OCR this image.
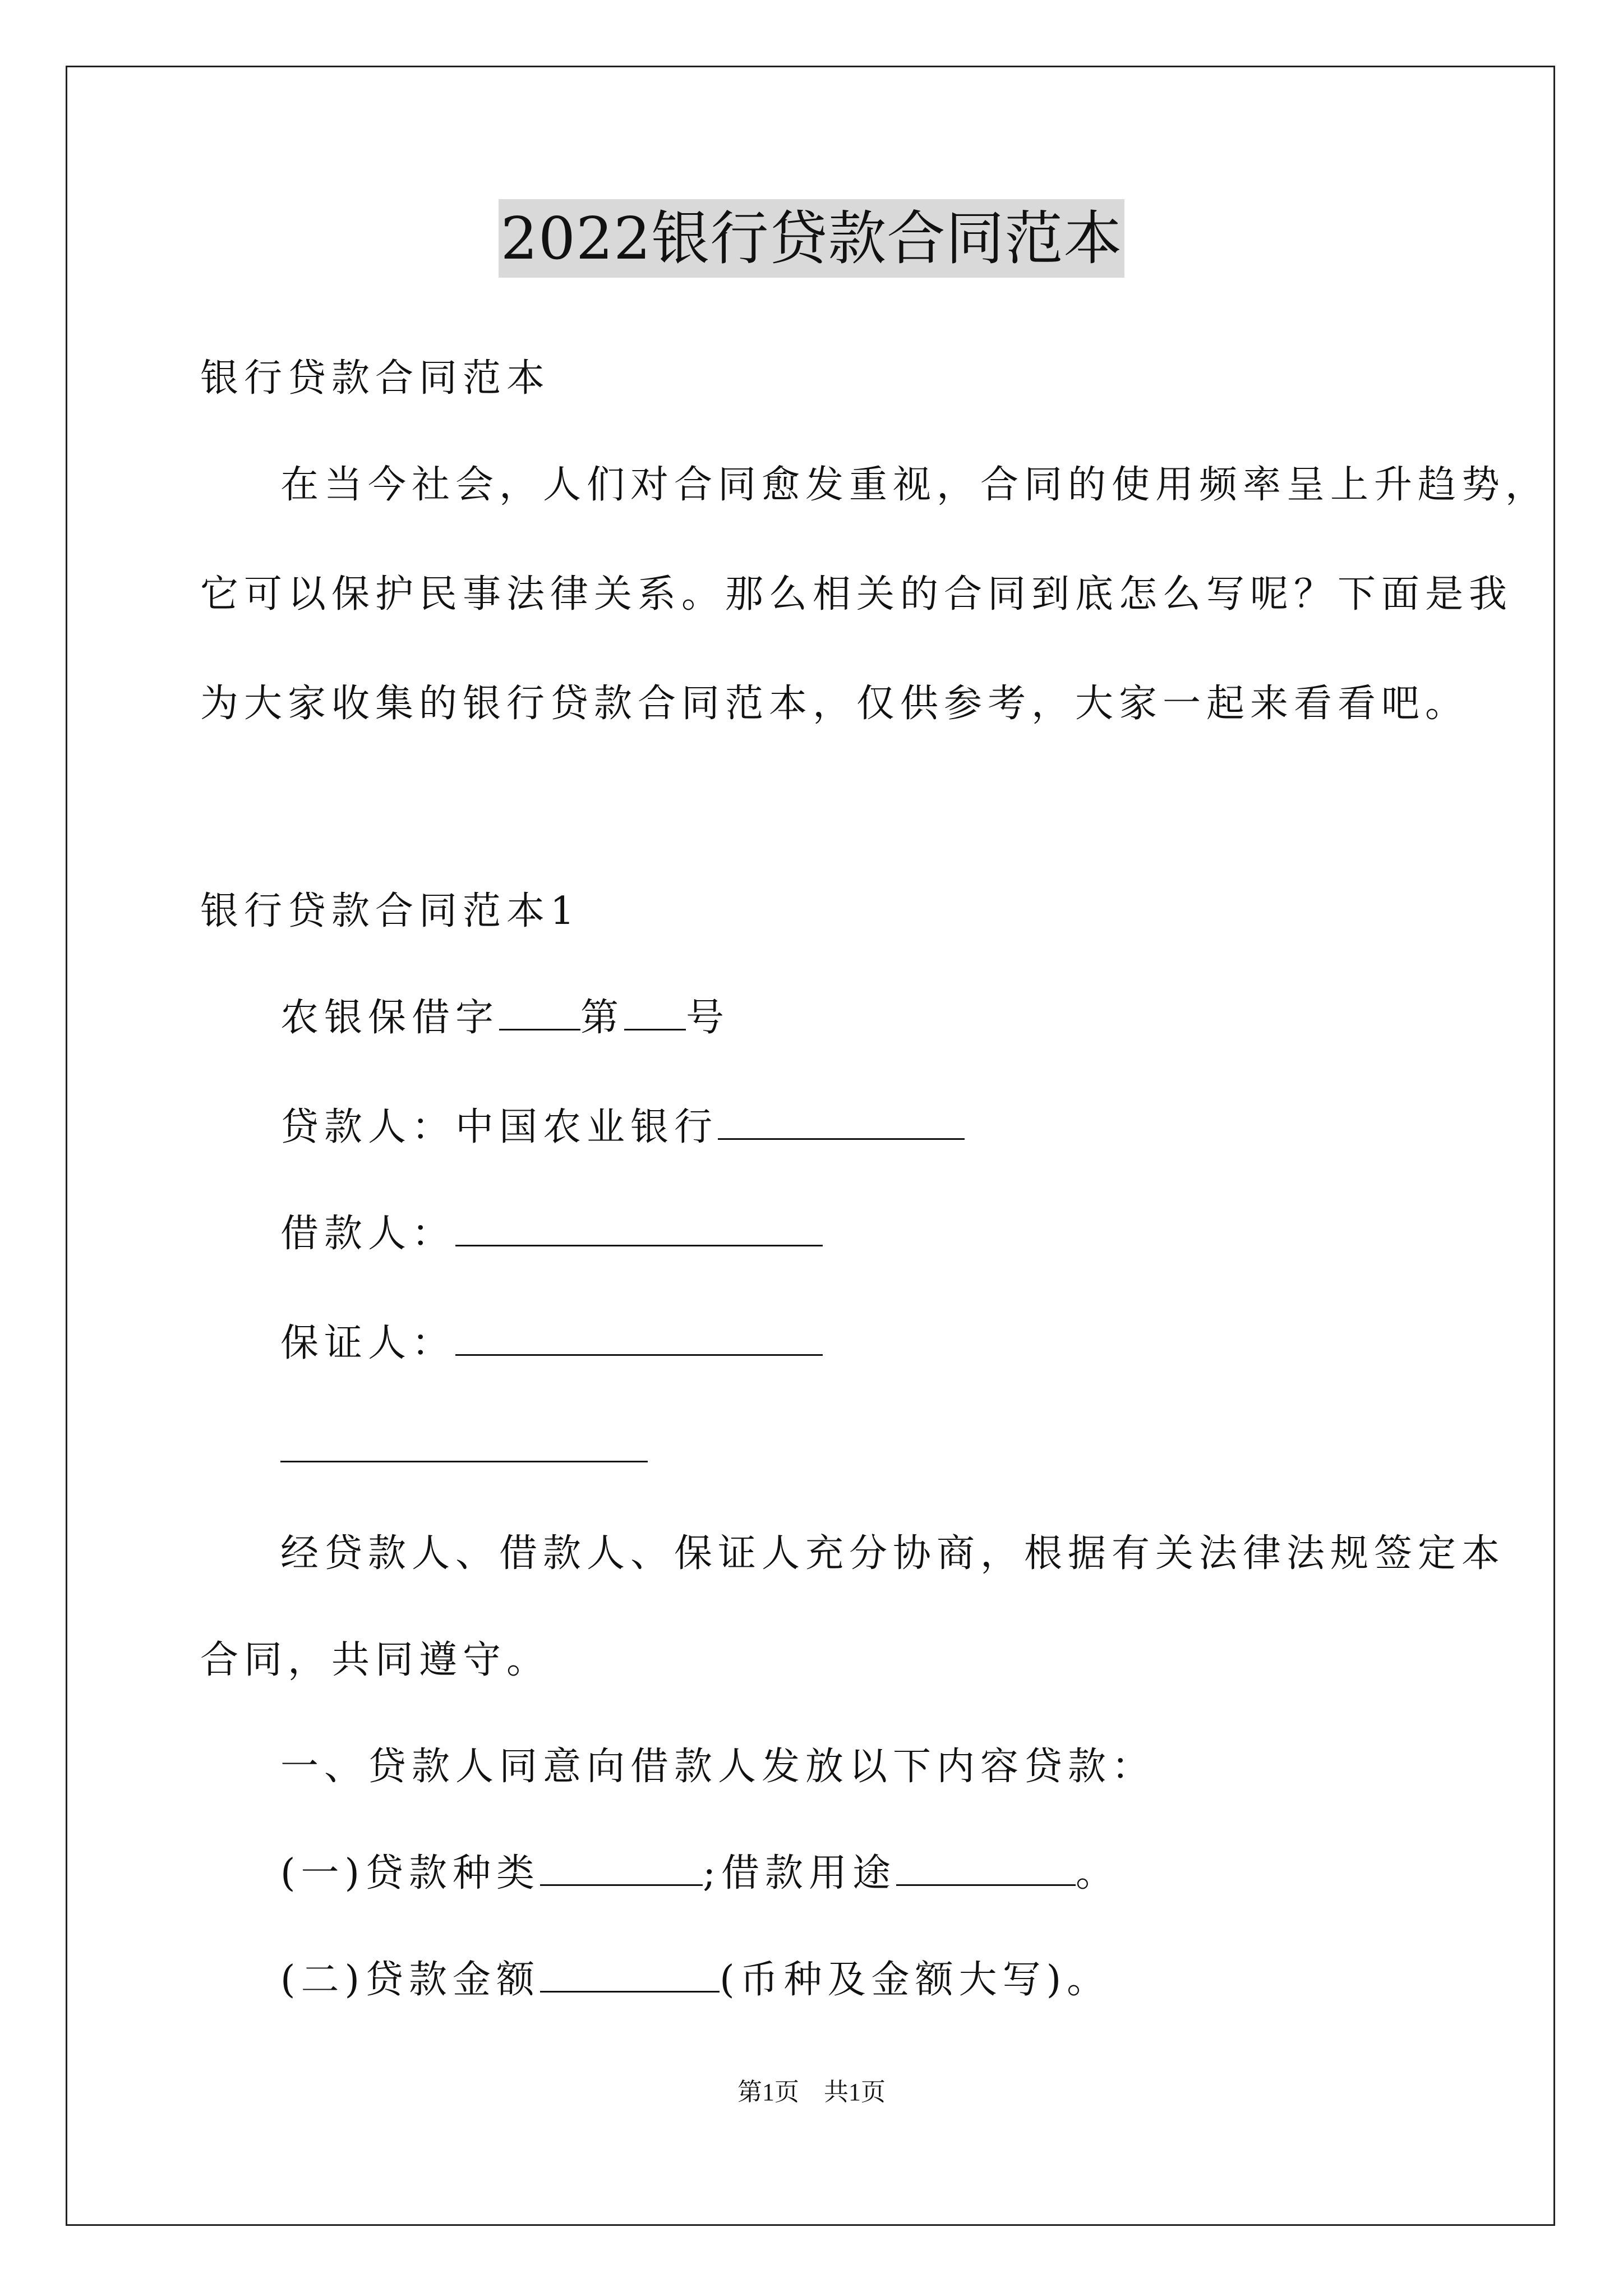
2022银行贷款合同范本
银行贷款合同范本
在当今社会，人们对合同愈发重视，合同的使用频率呈上升趋势，
它可以保护民事法律关系。那么相关的合同到底怎么写呢？下面是我
为大家收集的银行贷款合同范本，仅供参考，大家一起来看看吧。
银行贷款合同范本1
农银保借字 第 号
贷款人：中国农业银行
借款人：
保证人：
经贷款人、借款人、保证人充分协商，根据有关法律法规签定本
合同，共同遵守。
一、贷款人同意向借款人发放以下内容贷款：
(一)贷款种类	;借款用途	。
(二)贷款金额	(币种及金额大写)。
第1页　共1页
